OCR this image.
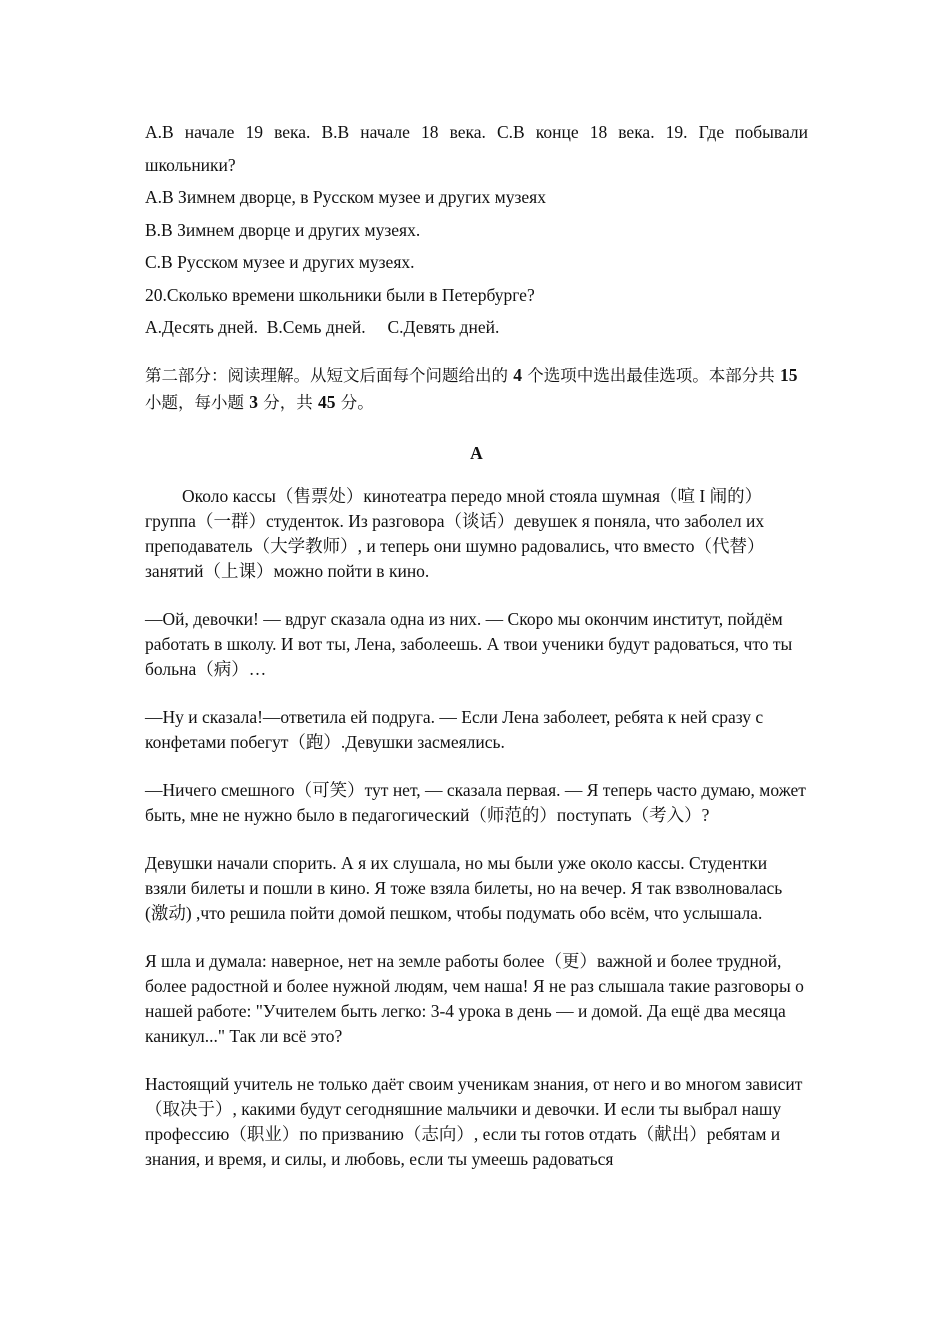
A.В начале 19 века. B.В начале 18 века. C.В конце 18 века. 19. Где побывали

школьники?

A.В Зимнем дворце, в Русском музее и других музеях

B.В Зимнем дворце и других музеях.

C.В Русском музее и других музеях.

20.Сколько времени школьники были в Петербурге?

A.Десять дней.  B.Семь дней.     C.Девять дней.

第二部分：阅读理解。从短文后面每个问题给出的 4 个选项中选出最佳选项。本部分共 15 小题，每小题 3 分，共 45 分。

A

Около кассы（售票处）кинотеатра передо мной стояла шумная（喧 I 闹的）группа（一群）студенток. Из разговора（谈话）девушек я поняла, что заболел их преподаватель（大学教师）, и теперь они шумно радовались, что вместо（代替）занятий（上课）можно пойти в кино.

—Ой, девочки! — вдруг сказала одна из них. — Скоро мы окончим институт, пойдём работать в школу. И вот ты, Лена, заболеешь. А твои ученики будут радоваться, что ты больна（病）…

—Ну и сказала!—ответила ей подруга. — Если Лена заболеет, ребята к ней сразу с конфетами побегут（跑）.Девушки засмеялись.

—Ничего смешного（可笑）тут нет, — сказала первая. — Я теперь часто думаю, может быть, мне не нужно было в педагогический（师范的）поступать（考入）?

Девушки начали спорить. А я их слушала, но мы были уже около кассы. Студентки взяли билеты и пошли в кино. Я тоже взяла билеты, но на вечер. Я так взволновалась (激动) ,что решила пойти домой пешком, чтобы подумать обо всём, что услышала.

Я шла и думала: наверное, нет на земле работы более（更）важной и более трудной, более радостной и более нужной людям, чем наша! Я не раз слышала такие разговоры о нашей работе: "Учителем быть легко: 3-4 урока в день — и домой. Да ещё два месяца каникул..." Так ли всё это?

Настоящий учитель не только даёт своим ученикам знания, от него и во многом зависит（取决于）, какими будут сегодняшние мальчики и девочки. И если ты выбрал нашу профессию（职业）по призванию（志向）, если ты готов отдать（献出）ребятам и знания, и время, и силы, и любовь, если ты умеешь радоваться
